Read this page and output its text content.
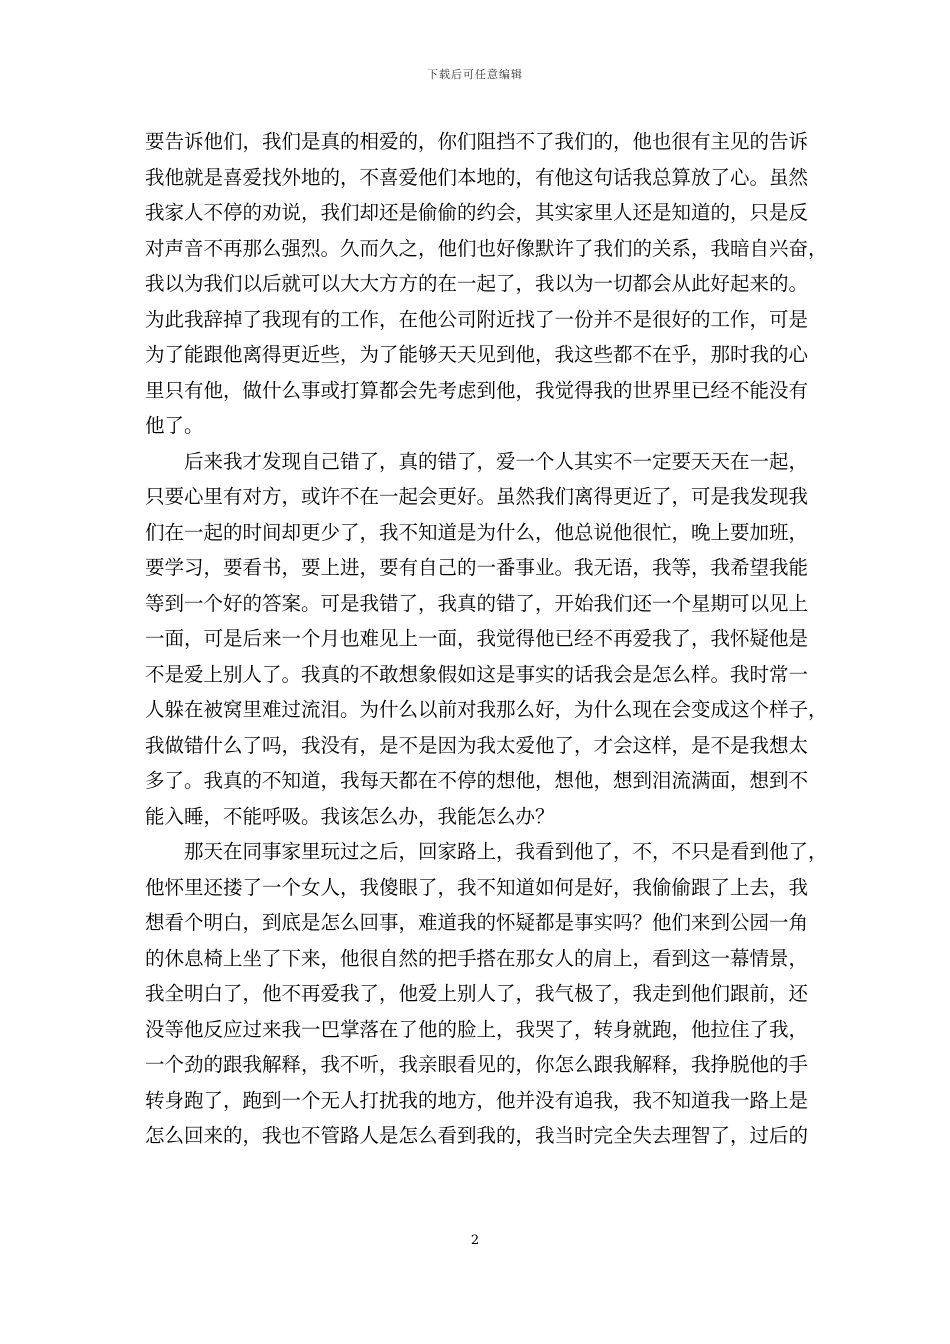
下载后可任意编辑
要告诉他们，我们是真的相爱的，你们阻挡不了我们的，他也很有主见的告诉
我他就是喜爱找外地的，不喜爱他们本地的，有他这句话我总算放了心。虽然
我家人不停的劝说，我们却还是偷偷的约会，其实家里人还是知道的，只是反
对声音不再那么强烈。久而久之，他们也好像默许了我们的关系，我暗自兴奋，
我以为我们以后就可以大大方方的在一起了，我以为一切都会从此好起来的。
为此我辞掉了我现有的工作，在他公司附近找了一份并不是很好的工作，可是
为了能跟他离得更近些，为了能够天天见到他，我这些都不在乎，那时我的心
里只有他，做什么事或打算都会先考虑到他，我觉得我的世界里已经不能没有
他了。
后来我才发现自己错了，真的错了，爱一个人其实不一定要天天在一起，
只要心里有对方，或许不在一起会更好。虽然我们离得更近了，可是我发现我
们在一起的时间却更少了，我不知道是为什么，他总说他很忙，晚上要加班，
要学习，要看书，要上进，要有自己的一番事业。我无语，我等，我希望我能
等到一个好的答案。可是我错了，我真的错了，开始我们还一个星期可以见上
一面，可是后来一个月也难见上一面，我觉得他已经不再爱我了，我怀疑他是
不是爱上别人了。我真的不敢想象假如这是事实的话我会是怎么样。我时常一
人躲在被窝里难过流泪。为什么以前对我那么好，为什么现在会变成这个样子，
我做错什么了吗，我没有，是不是因为我太爱他了，才会这样，是不是我想太
多了。我真的不知道，我每天都在不停的想他，想他，想到泪流满面，想到不
能入睡，不能呼吸。我该怎么办，我能怎么办？
那天在同事家里玩过之后，回家路上，我看到他了，不，不只是看到他了，
他怀里还搂了一个女人，我傻眼了，我不知道如何是好，我偷偷跟了上去，我
想看个明白，到底是怎么回事，难道我的怀疑都是事实吗？他们来到公园一角
的休息椅上坐了下来，他很自然的把手搭在那女人的肩上，看到这一幕情景，
我全明白了，他不再爱我了，他爱上别人了，我气极了，我走到他们跟前，还
没等他反应过来我一巴掌落在了他的脸上，我哭了，转身就跑，他拉住了我，
一个劲的跟我解释，我不听，我亲眼看见的，你怎么跟我解释，我挣脱他的手
转身跑了，跑到一个无人打扰我的地方，他并没有追我，我不知道我一路上是
怎么回来的，我也不管路人是怎么看到我的，我当时完全失去理智了，过后的
2
